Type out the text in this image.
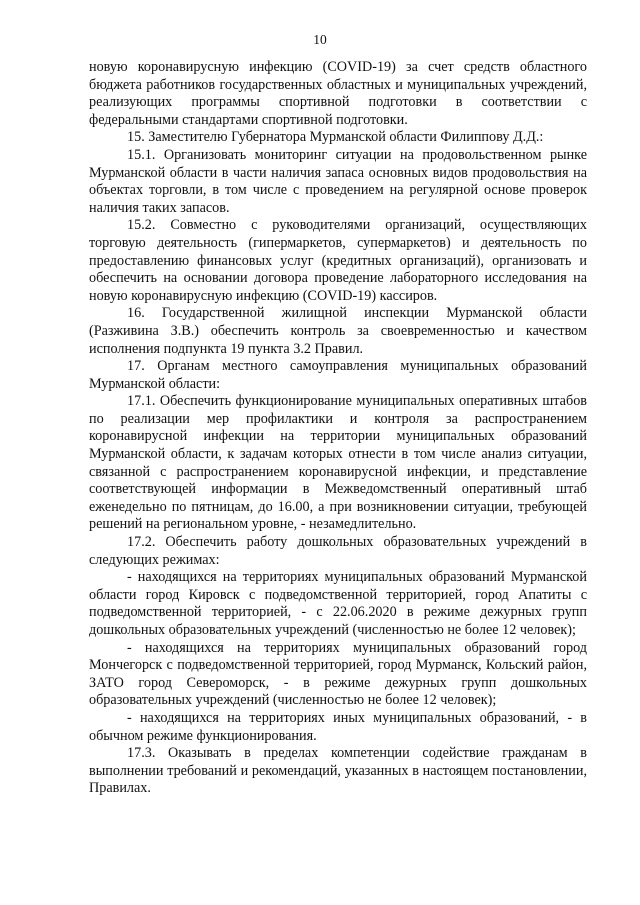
10

новую коронавирусную инфекцию (COVID-19) за счет средств областного бюджета работников государственных областных и муниципальных учреждений, реализующих программы спортивной подготовки в соответствии с федеральными стандартами спортивной подготовки.

15. Заместителю Губернатора Мурманской области Филиппову Д.Д.:

15.1. Организовать мониторинг ситуации на продовольственном рынке Мурманской области в части наличия запаса основных видов продовольствия на объектах торговли, в том числе с проведением на регулярной основе проверок наличия таких запасов.

15.2. Совместно с руководителями организаций, осуществляющих торговую деятельность (гипермаркетов, супермаркетов) и деятельность по предоставлению финансовых услуг (кредитных организаций), организовать и обеспечить на основании договора проведение лабораторного исследования на новую коронавирусную инфекцию (COVID-19) кассиров.

16. Государственной жилищной инспекции Мурманской области (Разживина З.В.) обеспечить контроль за своевременностью и качеством исполнения подпункта 19 пункта 3.2 Правил.

17. Органам местного самоуправления муниципальных образований Мурманской области:

17.1. Обеспечить функционирование муниципальных оперативных штабов по реализации мер профилактики и контроля за распространением коронавирусной инфекции на территории муниципальных образований Мурманской области, к задачам которых отнести в том числе анализ ситуации, связанной с распространением коронавирусной инфекции, и представление соответствующей информации в Межведомственный оперативный штаб еженедельно по пятницам, до 16.00, а при возникновении ситуации, требующей решений на региональном уровне, - незамедлительно.

17.2. Обеспечить работу дошкольных образовательных учреждений в следующих режимах:

- находящихся на территориях муниципальных образований Мурманской области город Кировск с подведомственной территорией, город Апатиты с подведомственной территорией, - с 22.06.2020 в режиме дежурных групп дошкольных образовательных учреждений (численностью не более 12 человек);

- находящихся на территориях муниципальных образований город Мончегорск с подведомственной территорией, город Мурманск, Кольский район, ЗАТО город Североморск, - в режиме дежурных групп дошкольных образовательных учреждений (численностью не более 12 человек);

- находящихся на территориях иных муниципальных образований, - в обычном режиме функционирования.

17.3. Оказывать в пределах компетенции содействие гражданам в выполнении требований и рекомендаций, указанных в настоящем постановлении, Правилах.
